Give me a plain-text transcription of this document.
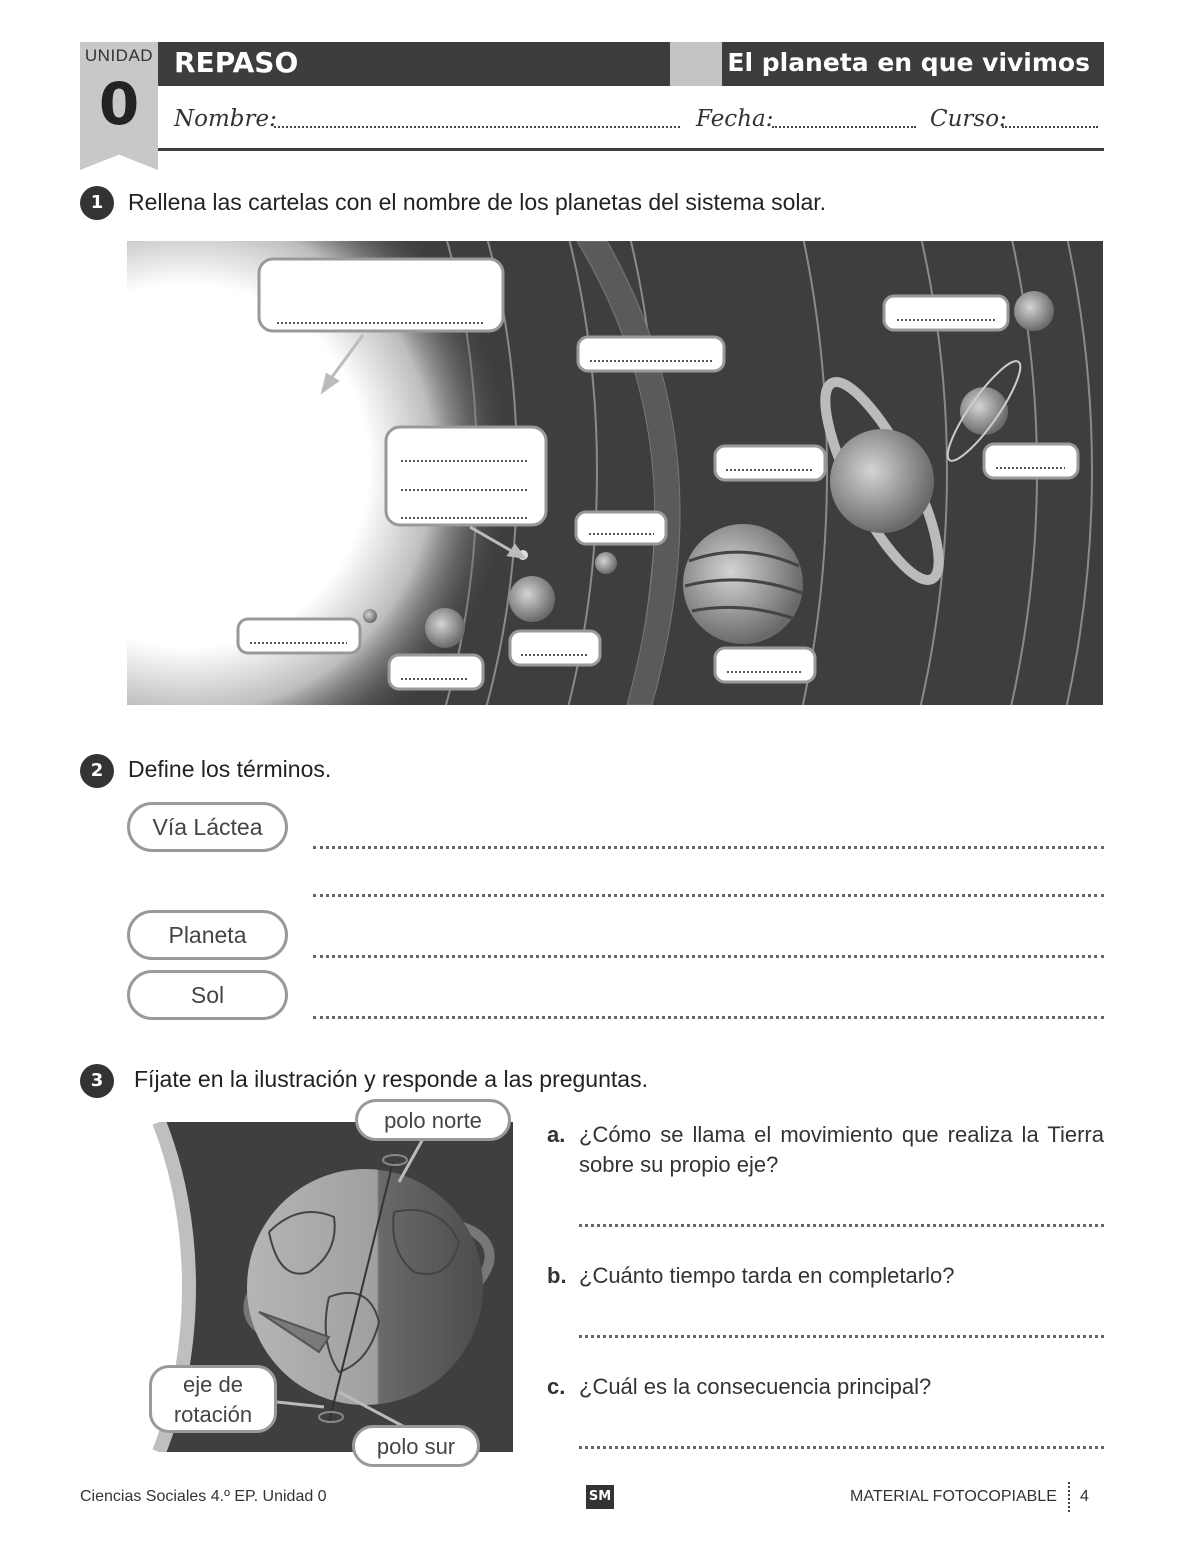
UNIDAD
0
REPASO	El planeta en que vivimos
Nombre:	Fecha:	Curso:
1	Rellena las cartelas con el nombre de los planetas del sistema solar.
2	Define los términos.
Vía Láctea
Planeta
Sol
3	Fíjate en la ilustración y responde a las preguntas.
polo norte
eje de
rotación
polo sur
a. ¿Cómo se llama el movimiento que realiza la Tierra sobre su propio eje?
b. ¿Cuánto tiempo tarda en completarlo?
c. ¿Cuál es la consecuencia principal?
Ciencias Sociales 4.º EP. Unidad 0	SM	MATERIAL FOTOCOPIABLE 4
